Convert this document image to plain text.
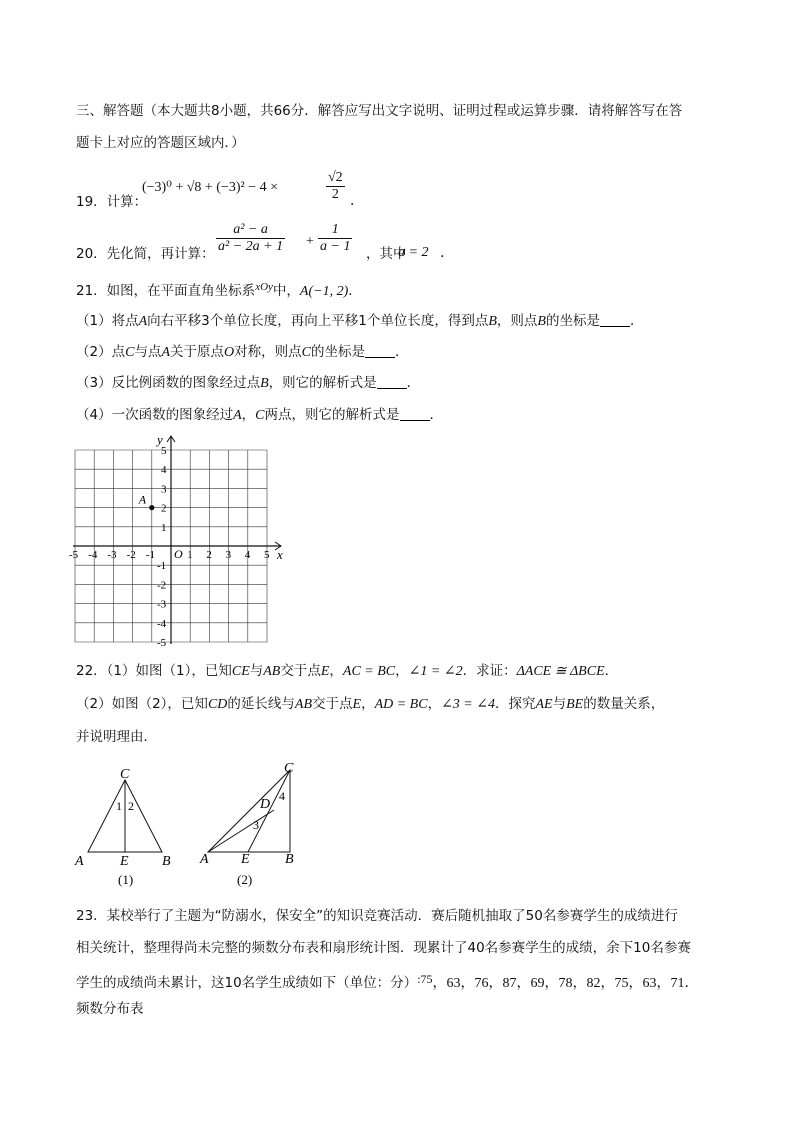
三、解答题（本大题共8小题，共66分．解答应写出文字说明、证明过程或运算步骤．请将解答写在答
题卡上对应的答题区域内．）
19．计算：
(−3)⁰ + √8 + (−3)² − 4 ×	$\frac{√2}{2}$ ．
20．先化简，再计算： $\frac{\text{a² − a}}{\text{a² − 2a + 1}} + \frac{1}{a - 1}$ ，其中
a = 2 ．
21．如图，在平面直角坐标系$^{xOy}$中，A(−1, 2)．
（1）将点A向右平移3个单位长度，再向上平移1个单位长度，得到点B，则点B的坐标是 ．
（2）点C与点A关于原点O对称，则点C的坐标是 ．
（3）反比例函数的图象经过点B，则它的解析式是 ．
（4）一次函数的图象经过A，C两点，则它的解析式是 ．
-5 -4 -3 -2 -1	1 2 3 4 5
5
4
3
2
1
-1
-2
-3
-4
-5
x
y
O
A
22．（1）如图（1），已知CE与AB交于点E，AC = BC，∠1 = ∠2．求证：ΔACE ≅ ΔBCE．
（2）如图（2），已知CD的延长线与AB交于点E，AD = BC，∠3 = ∠4．探究AE与BE的数量关系，
并说明理由．
C
A	E B
1 2
(1)
C
D
A E	B
3
4
(2)
23．某校举行了主题为“防溺水，保安全”的知识竞赛活动．赛后随机抽取了50名参赛学生的成绩进行
相关统计，整理得尚未完整的频数分布表和扇形统计图．现累计了40名参赛学生的成绩，余下10名参赛
学生的成绩尚未累计，这10名学生成绩如下（单位：分）:75，63，76，87，69，78，82，75，63，71．
频数分布表
